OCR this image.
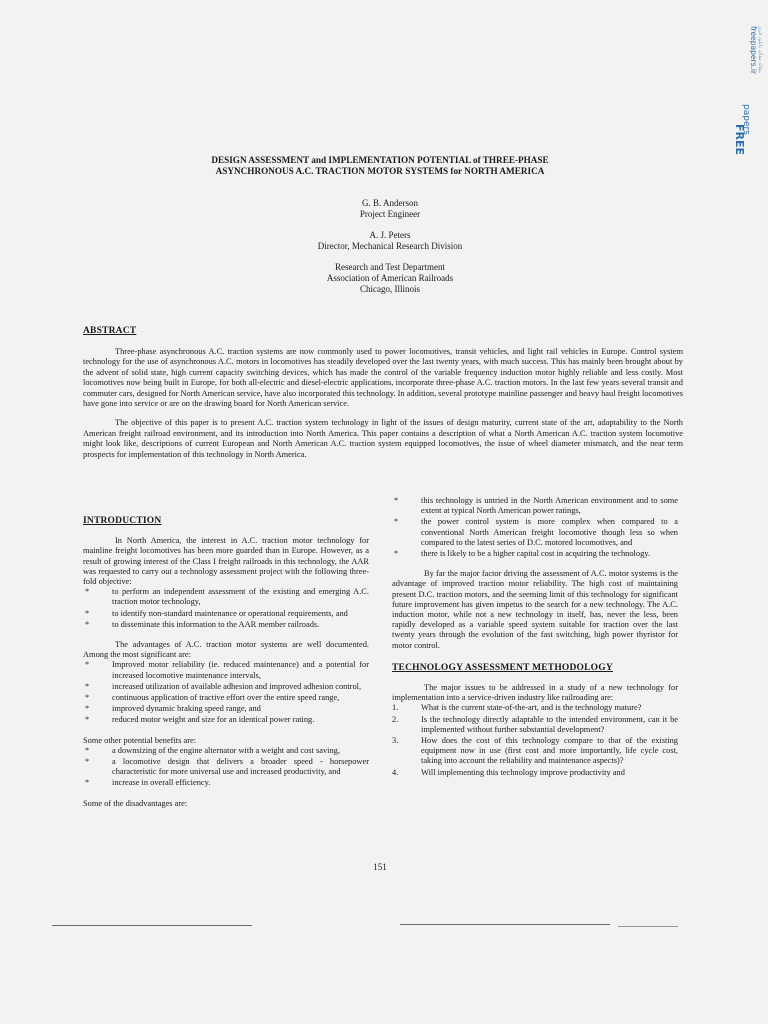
مقاله مقاله دانلود فری
freepapers.ir
papers
FREE
DESIGN ASSESSMENT and IMPLEMENTATION POTENTIAL of THREE-PHASE
ASYNCHRONOUS A.C. TRACTION MOTOR SYSTEMS for NORTH AMERICA
G. B. Anderson
Project Engineer
A. J. Peters
Director, Mechanical Research Division
Research and Test Department
Association of American Railroads
Chicago, Illinois
ABSTRACT

Three-phase asynchronous A.C. traction systems are now commonly used to power locomotives, transit vehicles, and light rail vehicles in Europe. Control system technology for the use of asynchronous A.C. motors in locomotives has steadily developed over the last twenty years, with much success. This has mainly been brought about by the advent of solid state, high current capacity switching devices, which has made the control of the variable frequency induction motor highly reliable and less costly. Most locomotives now being built in Europe, for both all-electric and diesel-electric applications, incorporate three-phase A.C. traction motors. In the last few years several transit and commuter cars, designed for North American service, have also incorporated this technology. In addition, several prototype mainline passenger and heavy haul freight locomotives have gone into service or are on the drawing board for North American service.

The objective of this paper is to present A.C. traction system technology in light of the issues of design maturity, current state of the art, adaptability to the North American freight railroad environment, and its introduction into North America. This paper contains a description of what a North American A.C. traction system locomotive might look like, descriptions of current European and North American A.C. traction system equipped locomotives, the issue of wheel diameter mismatch, and the near term prospects for implementation of this technology in North America.

INTRODUCTION

In North America, the interest in A.C. traction motor technology for mainline freight locomotives has been more guarded than in Europe. However, as a result of growing interest of the Class I freight railroads in this technology, the AAR was requested to carry out a technology assessment project with the following three-fold objective:

*	to perform an independent assessment of the existing and emerging A.C. traction motor technology,
*	to identify non-standard maintenance or operational requirements, and
*	to disseminate this information to the AAR member railroads.

The advantages of A.C. traction motor systems are well documented. Among the most significant are:

*	Improved motor reliability (ie. reduced maintenance) and a potential for increased locomotive maintenance intervals,
*	increased utilization of available adhesion and improved adhesion control,
*	continuous application of tractive effort over the entire speed range,
*	improved dynamic braking speed range, and
*	reduced motor weight and size for an identical power rating.

Some other potential benefits are:

*	a downsizing of the engine alternator with a weight and cost saving,
*	a locomotive design that delivers a broader speed - horsepower characteristic for more universal use and increased productivity, and
*	increase in overall efficiency.

Some of the disadvantages are:

*	this technology is untried in the North American environment and to some extent at typical North American power ratings,
*	the power control system is more complex when compared to a conventional North American freight locomotive though less so when compared to the latest series of D.C. motored locomotives, and
*	there is likely to be a higher capital cost in acquiring the technology.

By far the major factor driving the assessment of A.C. motor systems is the advantage of improved traction motor reliability. The high cost of maintaining present D.C. traction motors, and the seeming limit of this technology for significant future improvement has given impetus to the search for a new technology. The A.C. induction motor, while not a new technology in itself, has, never the less, been rapidly developed as a variable speed system suitable for traction over the last twenty years through the evolution of the fast switching, high power thyristor for motor control.

TECHNOLOGY ASSESSMENT METHODOLOGY

The major issues to be addressed in a study of a new technology for implementation into a service-driven industry like railroading are:

1.	What is the current state-of-the-art, and is the technology mature?
2.	Is the technology directly adaptable to the intended environment, can it be implemented without further substantial development?
3.	How does the cost of this technology compare to that of the existing equipment now in use (first cost and more importantly, life cycle cost, taking into account the reliability and maintenance aspects)?
4.	Will implementing this technology improve productivity and
151
